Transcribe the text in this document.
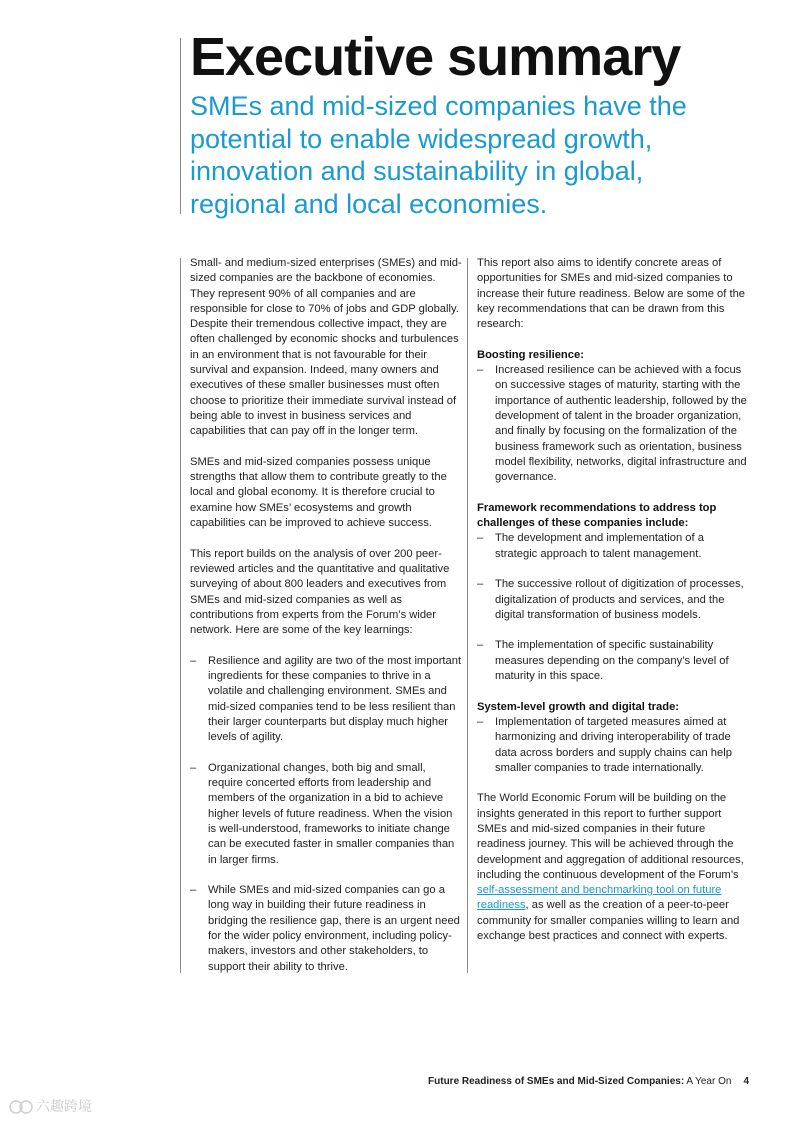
Executive summary
SMEs and mid-sized companies have the potential to enable widespread growth, innovation and sustainability in global, regional and local economies.

Small- and medium-sized enterprises (SMEs) and mid-sized companies are the backbone of economies. They represent 90% of all companies and are responsible for close to 70% of jobs and GDP globally. Despite their tremendous collective impact, they are often challenged by economic shocks and turbulences in an environment that is not favourable for their survival and expansion. Indeed, many owners and executives of these smaller businesses must often choose to prioritize their immediate survival instead of being able to invest in business services and capabilities that can pay off in the longer term.

SMEs and mid-sized companies possess unique strengths that allow them to contribute greatly to the local and global economy. It is therefore crucial to examine how SMEs’ ecosystems and growth capabilities can be improved to achieve success.

This report builds on the analysis of over 200 peer-reviewed articles and the quantitative and qualitative surveying of about 800 leaders and executives from SMEs and mid-sized companies as well as contributions from experts from the Forum’s wider network. Here are some of the key learnings:

– Resilience and agility are two of the most important ingredients for these companies to thrive in a volatile and challenging environment. SMEs and mid-sized companies tend to be less resilient than their larger counterparts but display much higher levels of agility.
– Organizational changes, both big and small, require concerted efforts from leadership and members of the organization in a bid to achieve higher levels of future readiness. When the vision is well-understood, frameworks to initiate change can be executed faster in smaller companies than in larger firms.
– While SMEs and mid-sized companies can go a long way in building their future readiness in bridging the resilience gap, there is an urgent need for the wider policy environment, including policy-makers, investors and other stakeholders, to support their ability to thrive.

This report also aims to identify concrete areas of opportunities for SMEs and mid-sized companies to increase their future readiness. Below are some of the key recommendations that can be drawn from this research:

Boosting resilience:
– Increased resilience can be achieved with a focus on successive stages of maturity, starting with the importance of authentic leadership, followed by the development of talent in the broader organization, and finally by focusing on the formalization of the business framework such as orientation, business model flexibility, networks, digital infrastructure and governance.
Framework recommendations to address top challenges of these companies include:
– The development and implementation of a strategic approach to talent management.
– The successive rollout of digitization of processes, digitalization of products and services, and the digital transformation of business models.
– The implementation of specific sustainability measures depending on the company’s level of maturity in this space.
System-level growth and digital trade:
– Implementation of targeted measures aimed at harmonizing and driving interoperability of trade data across borders and supply chains can help smaller companies to trade internationally.

The World Economic Forum will be building on the insights generated in this report to further support SMEs and mid-sized companies in their future readiness journey. This will be achieved through the development and aggregation of additional resources, including the continuous development of the Forum’s self-assessment and benchmarking tool on future readiness, as well as the creation of a peer-to-peer community for smaller companies willing to learn and exchange best practices and connect with experts.

Future Readiness of SMEs and Mid-Sized Companies: A Year On 4
六趣跨境
